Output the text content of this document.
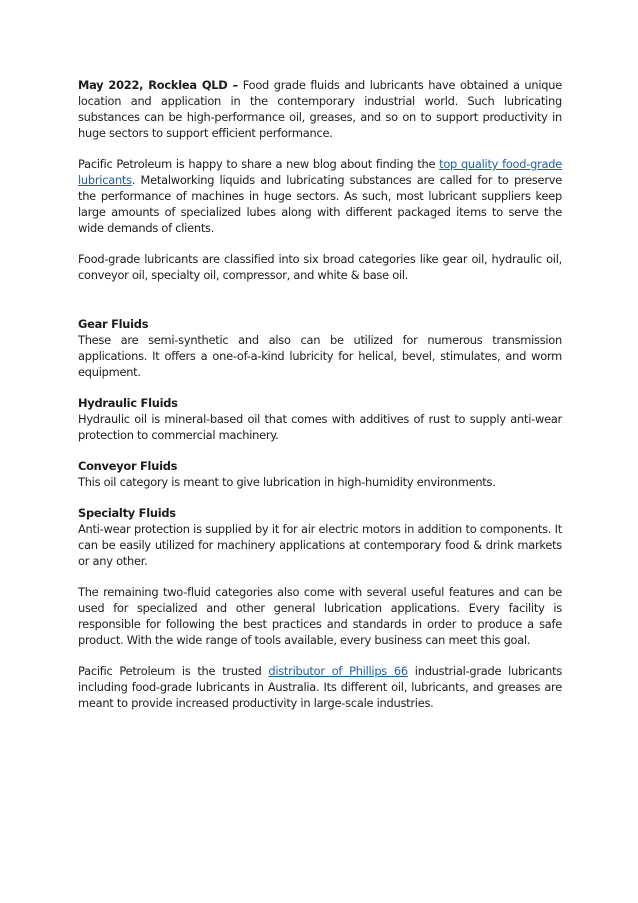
May 2022, Rocklea QLD – Food grade fluids and lubricants have obtained a unique location and application in the contemporary industrial world. Such lubricating substances can be high-performance oil, greases, and so on to support productivity in huge sectors to support efficient performance.

Pacific Petroleum is happy to share a new blog about finding the top quality food-grade lubricants. Metalworking liquids and lubricating substances are called for to preserve the performance of machines in huge sectors. As such, most lubricant suppliers keep large amounts of specialized lubes along with different packaged items to serve the wide demands of clients.

Food-grade lubricants are classified into six broad categories like gear oil, hydraulic oil, conveyor oil, specialty oil, compressor, and white & base oil.

Gear Fluids

These are semi-synthetic and also can be utilized for numerous transmission applications. It offers a one-of-a-kind lubricity for helical, bevel, stimulates, and worm equipment.

Hydraulic Fluids

Hydraulic oil is mineral-based oil that comes with additives of rust to supply anti-wear protection to commercial machinery.

Conveyor Fluids

This oil category is meant to give lubrication in high-humidity environments.

Specialty Fluids

Anti-wear protection is supplied by it for air electric motors in addition to components. It can be easily utilized for machinery applications at contemporary food & drink markets or any other.

The remaining two-fluid categories also come with several useful features and can be used for specialized and other general lubrication applications. Every facility is responsible for following the best practices and standards in order to produce a safe product. With the wide range of tools available, every business can meet this goal.

Pacific Petroleum is the trusted distributor of Phillips 66 industrial-grade lubricants including food-grade lubricants in Australia. Its different oil, lubricants, and greases are meant to provide increased productivity in large-scale industries.
